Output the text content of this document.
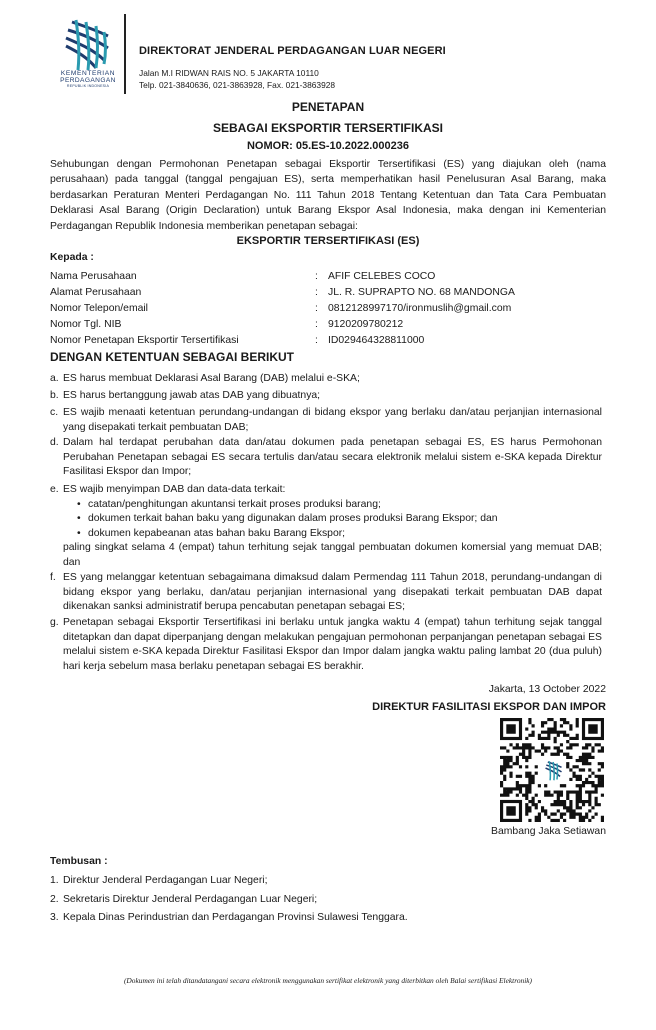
KEMENTERIAN
PERDAGANGAN
REPUBLIK INDONESIA
DIREKTORAT JENDERAL PERDAGANGAN LUAR NEGERI
Jalan M.I RIDWAN RAIS NO. 5 JAKARTA 10110
Telp. 021-3840636, 021-3863928, Fax. 021-3863928
PENETAPAN
SEBAGAI EKSPORTIR TERSERTIFIKASI
NOMOR: 05.ES-10.2022.000236
Sehubungan dengan Permohonan Penetapan sebagai Eksportir Tersertifikasi (ES) yang diajukan oleh (nama perusahaan) pada tanggal (tanggal pengajuan ES), serta memperhatikan hasil Penelusuran Asal Barang, maka berdasarkan Peraturan Menteri Perdagangan No. 111 Tahun 2018 Tentang Ketentuan dan Tata Cara Pembuatan Deklarasi Asal Barang (Origin Declaration) untuk Barang Ekspor Asal Indonesia, maka dengan ini Kementerian Perdagangan Republik Indonesia memberikan penetapan sebagai:
EKSPORTIR TERSERTIFIKASI (ES)
Kepada :
Nama Perusahaan	: AFIF CELEBES COCO
Alamat Perusahaan	: JL. R. SUPRAPTO NO. 68 MANDONGA
Nomor Telepon/email	: 0812128997170/ironmuslih@gmail.com
Nomor Tgl. NIB	: 9120209780212
Nomor Penetapan Eksportir Tersertifikasi	: ID029464328811000
DENGAN KETENTUAN SEBAGAI BERIKUT
a. ES harus membuat Deklarasi Asal Barang (DAB) melalui e-SKA;
b. ES harus bertanggung jawab atas DAB yang dibuatnya;
c. ES wajib menaati ketentuan perundang-undangan di bidang ekspor yang berlaku dan/atau perjanjian internasional yang disepakati terkait pembuatan DAB;
d. Dalam hal terdapat perubahan data dan/atau dokumen pada penetapan sebagai ES, ES harus Permohonan Perubahan Penetapan sebagai ES secara tertulis dan/atau secara elektronik melalui sistem e-SKA kepada Direktur Fasilitasi Ekspor dan Impor;
e. ES wajib menyimpan DAB dan data-data terkait:
• catatan/penghitungan akuntansi terkait proses produksi barang;
• dokumen terkait bahan baku yang digunakan dalam proses produksi Barang Ekspor; dan
• dokumen kepabeanan atas bahan baku Barang Ekspor;
paling singkat selama 4 (empat) tahun terhitung sejak tanggal pembuatan dokumen komersial yang memuat DAB; dan
f. ES yang melanggar ketentuan sebagaimana dimaksud dalam Permendag 111 Tahun 2018, perundang-undangan di bidang ekspor yang berlaku, dan/atau perjanjian internasional yang disepakati terkait pembuatan DAB dapat dikenakan sanksi administratif berupa pencabutan penetapan sebagai ES;
g. Penetapan sebagai Eksportir Tersertifikasi ini berlaku untuk jangka waktu 4 (empat) tahun terhitung sejak tanggal ditetapkan dan dapat diperpanjang dengan melakukan pengajuan permohonan perpanjangan penetapan sebagai ES melalui sistem e-SKA kepada Direktur Fasilitasi Ekspor dan Impor dalam jangka waktu paling lambat 20 (dua puluh) hari kerja sebelum masa berlaku penetapan sebagai ES berakhir.
Jakarta, 13 October 2022
DIREKTUR FASILITASI EKSPOR DAN IMPOR
Bambang Jaka Setiawan
Tembusan :
1. Direktur Jenderal Perdagangan Luar Negeri;
2. Sekretaris Direktur Jenderal Perdagangan Luar Negeri;
3. Kepala Dinas Perindustrian dan Perdagangan Provinsi Sulawesi Tenggara.
(Dokumen ini telah ditandatangani secara elektronik menggunakan sertifikat elektronik yang diterbitkan oleh Balai sertifikasi Elektronik)
